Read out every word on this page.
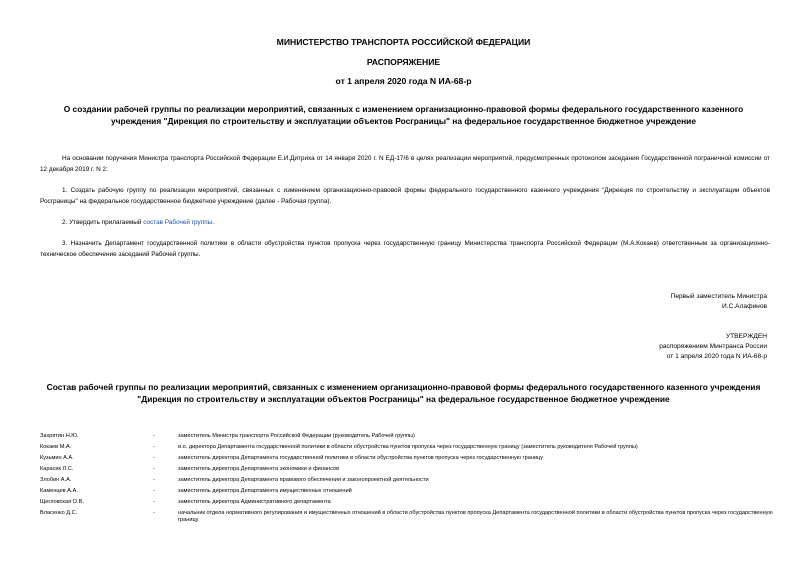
МИНИСТЕРСТВО ТРАНСПОРТА РОССИЙСКОЙ ФЕДЕРАЦИИ
РАСПОРЯЖЕНИЕ
от 1 апреля 2020 года N ИА-68-р
О создании рабочей группы по реализации мероприятий, связанных с изменением организационно-правовой формы федерального государственного казенного учреждения "Дирекция по строительству и эксплуатации объектов Росграницы" на федеральное государственное бюджетное учреждение
На основании поручения Министра транспорта Российской Федерации Е.И.Дитриха от 14 января 2020 г. N ЕД-17/6 в целях реализации мероприятий, предусмотренных протоколом заседания Государственной пограничной комиссии от 12 декабря 2019 г. N 2:
1. Создать рабочую группу по реализации мероприятий, связанных с изменением организационно-правовой формы федерального государственного казенного учреждения "Дирекция по строительству и эксплуатации объектов Росграницы" на федеральное государственное бюджетное учреждение (далее - Рабочая группа).
2. Утвердить прилагаемый состав Рабочей группы.
3. Назначить Департамент государственной политики в области обустройства пунктов пропуска через государственную границу Министерства транспорта Российской Федерации (М.А.Кокаев) ответственным за организационно-техническое обеспечение заседаний Рабочей группы.
Первый заместитель Министра
И.С.Алафинов
УТВЕРЖДЕН
распоряжением Минтранса России
от 1 апреля 2020 года N ИА-68-р
Состав рабочей группы по реализации мероприятий, связанных с изменением организационно-правовой формы федерального государственного казенного учреждения "Дирекция по строительству и эксплуатации объектов Росграницы" на федеральное государственное бюджетное учреждение
Захрятин Н.Ю.	-	заместитель Министра транспорта Российской Федерации (руководитель Рабочей группы)
Кокаев М.А.	-	и.о. директора Департамента государственной политики в области обустройства пунктов пропуска через государственную границу (заместитель руководителя Рабочей группы)
Кузьмин А.А.	-	заместитель директора Департамента государственной политики в области обустройства пунктов пропуска через государственную границу
Карасик Л.С.	-	заместитель директора Департамента экономики и финансов
Злобин А.А.	-	заместитель директора Департамента правового обеспечения и законопроектной деятельности
Каменцев А.А.	-	заместитель директора Департамента имущественных отношений
Щегловская О.В.	-	заместитель директора Административного департамента
Власенко Д.С.	-	начальник отдела нормативного регулирования и имущественных отношений в области обустройства пунктов пропуска Департамента государственной политики в области обустройства пунктов пропуска через государственную границу
